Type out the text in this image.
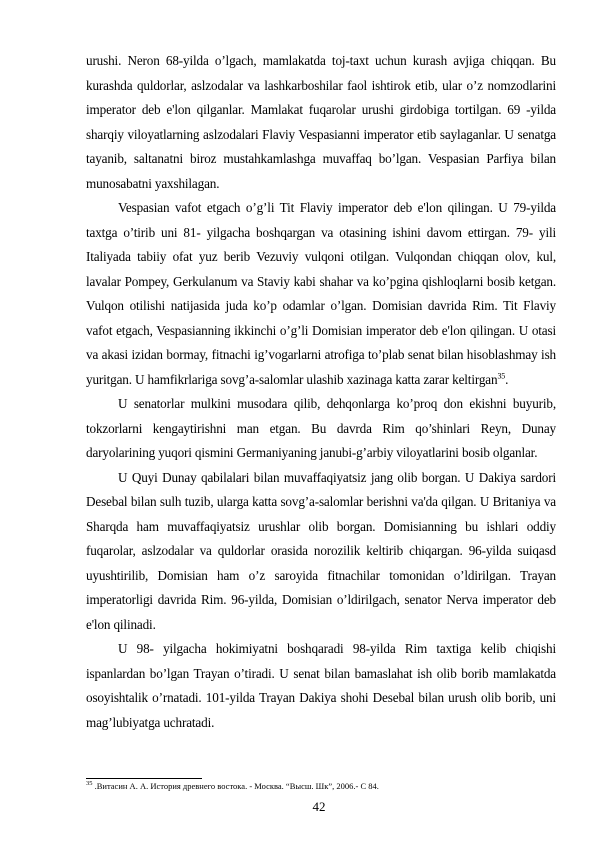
urushi. Neron 68-yilda o’lgach, mamlakatda toj-taxt uchun kurash avjiga chiqqan. Bu kurashda quldorlar, aslzodalar va lashkarboshilar faol ishtirok etib, ular o’z nomzodlarini imperator deb e'lon qilganlar. Mamlakat fuqarolar urushi girdobiga tortilgan. 69 -yilda sharqiy viloyatlarning aslzodalari Flaviy Vespasianni imperator etib saylaganlar. U senatga tayanib, saltanatni biroz mustahkamlashga muvaffaq bo’lgan. Vespasian Parfiya bilan munosabatni yaxshilagan.

Vespasian vafot etgach o’g’li Tit Flaviy imperator deb e'lon qilingan. U 79-yilda taxtga o’tirib uni 81- yilgacha boshqargan va otasining ishini davom ettirgan. 79- yili Italiyada tabiiy ofat yuz berib Vezuviy vulqoni otilgan. Vulqondan chiqqan olov, kul, lavalar Pompey, Gerkulanum va Staviy kabi shahar va ko’pgina qishloqlarni bosib ketgan. Vulqon otilishi natijasida juda ko’p odamlar o’lgan. Domisian davrida Rim. Tit Flaviy vafot etgach, Vespasianning ikkinchi o’g’li Domisian imperator deb e'lon qilingan. U otasi va akasi izidan bormay, fitnachi ig’vogarlarni atrofiga to’plab senat bilan hisoblashmay ish yuritgan. U hamfikrlariga sovg’a-salomlar ulashib xazinaga katta zarar keltirgan$^{35}$.

U senatorlar mulkini musodara qilib, dehqonlarga ko’proq don ekishni buyurib, tokzorlarni kengaytirishni man etgan. Bu davrda Rim qo’shinlari Reyn, Dunay daryolarining yuqori qismini Germaniyaning janubi-g’arbiy viloyatlarini bosib olganlar.

U Quyi Dunay qabilalari bilan muvaffaqiyatsiz jang olib borgan. U Dakiya sardori Desebal bilan sulh tuzib, ularga katta sovg’a-salomlar berishni va'da qilgan. U Britaniya va Sharqda ham muvaffaqiyatsiz urushlar olib borgan. Domisianning bu ishlari oddiy fuqarolar, aslzodalar va quldorlar orasida norozilik keltirib chiqargan. 96-yilda suiqasd uyushtirilib, Domisian ham o’z saroyida fitnachilar tomonidan o’ldirilgan. Trayan imperatorligi davrida Rim. 96-yilda, Domisian o’ldirilgach, senator Nerva imperator deb e'lon qilinadi.

U 98- yilgacha hokimiyatni boshqaradi 98-yilda Rim taxtiga kelib chiqishi ispanlardan bo’lgan Trayan o’tiradi. U senat bilan bamaslahat ish olib borib mamlakatda osoyishtalik o’rnatadi. 101-yilda Trayan Dakiya shohi Desebal bilan urush olib borib, uni mag’lubiyatga uchratadi.

$^{35}$ .Витасин А. А. История древнего востока. - Москва. “Высш. Шк”, 2006.- С 84.
42
